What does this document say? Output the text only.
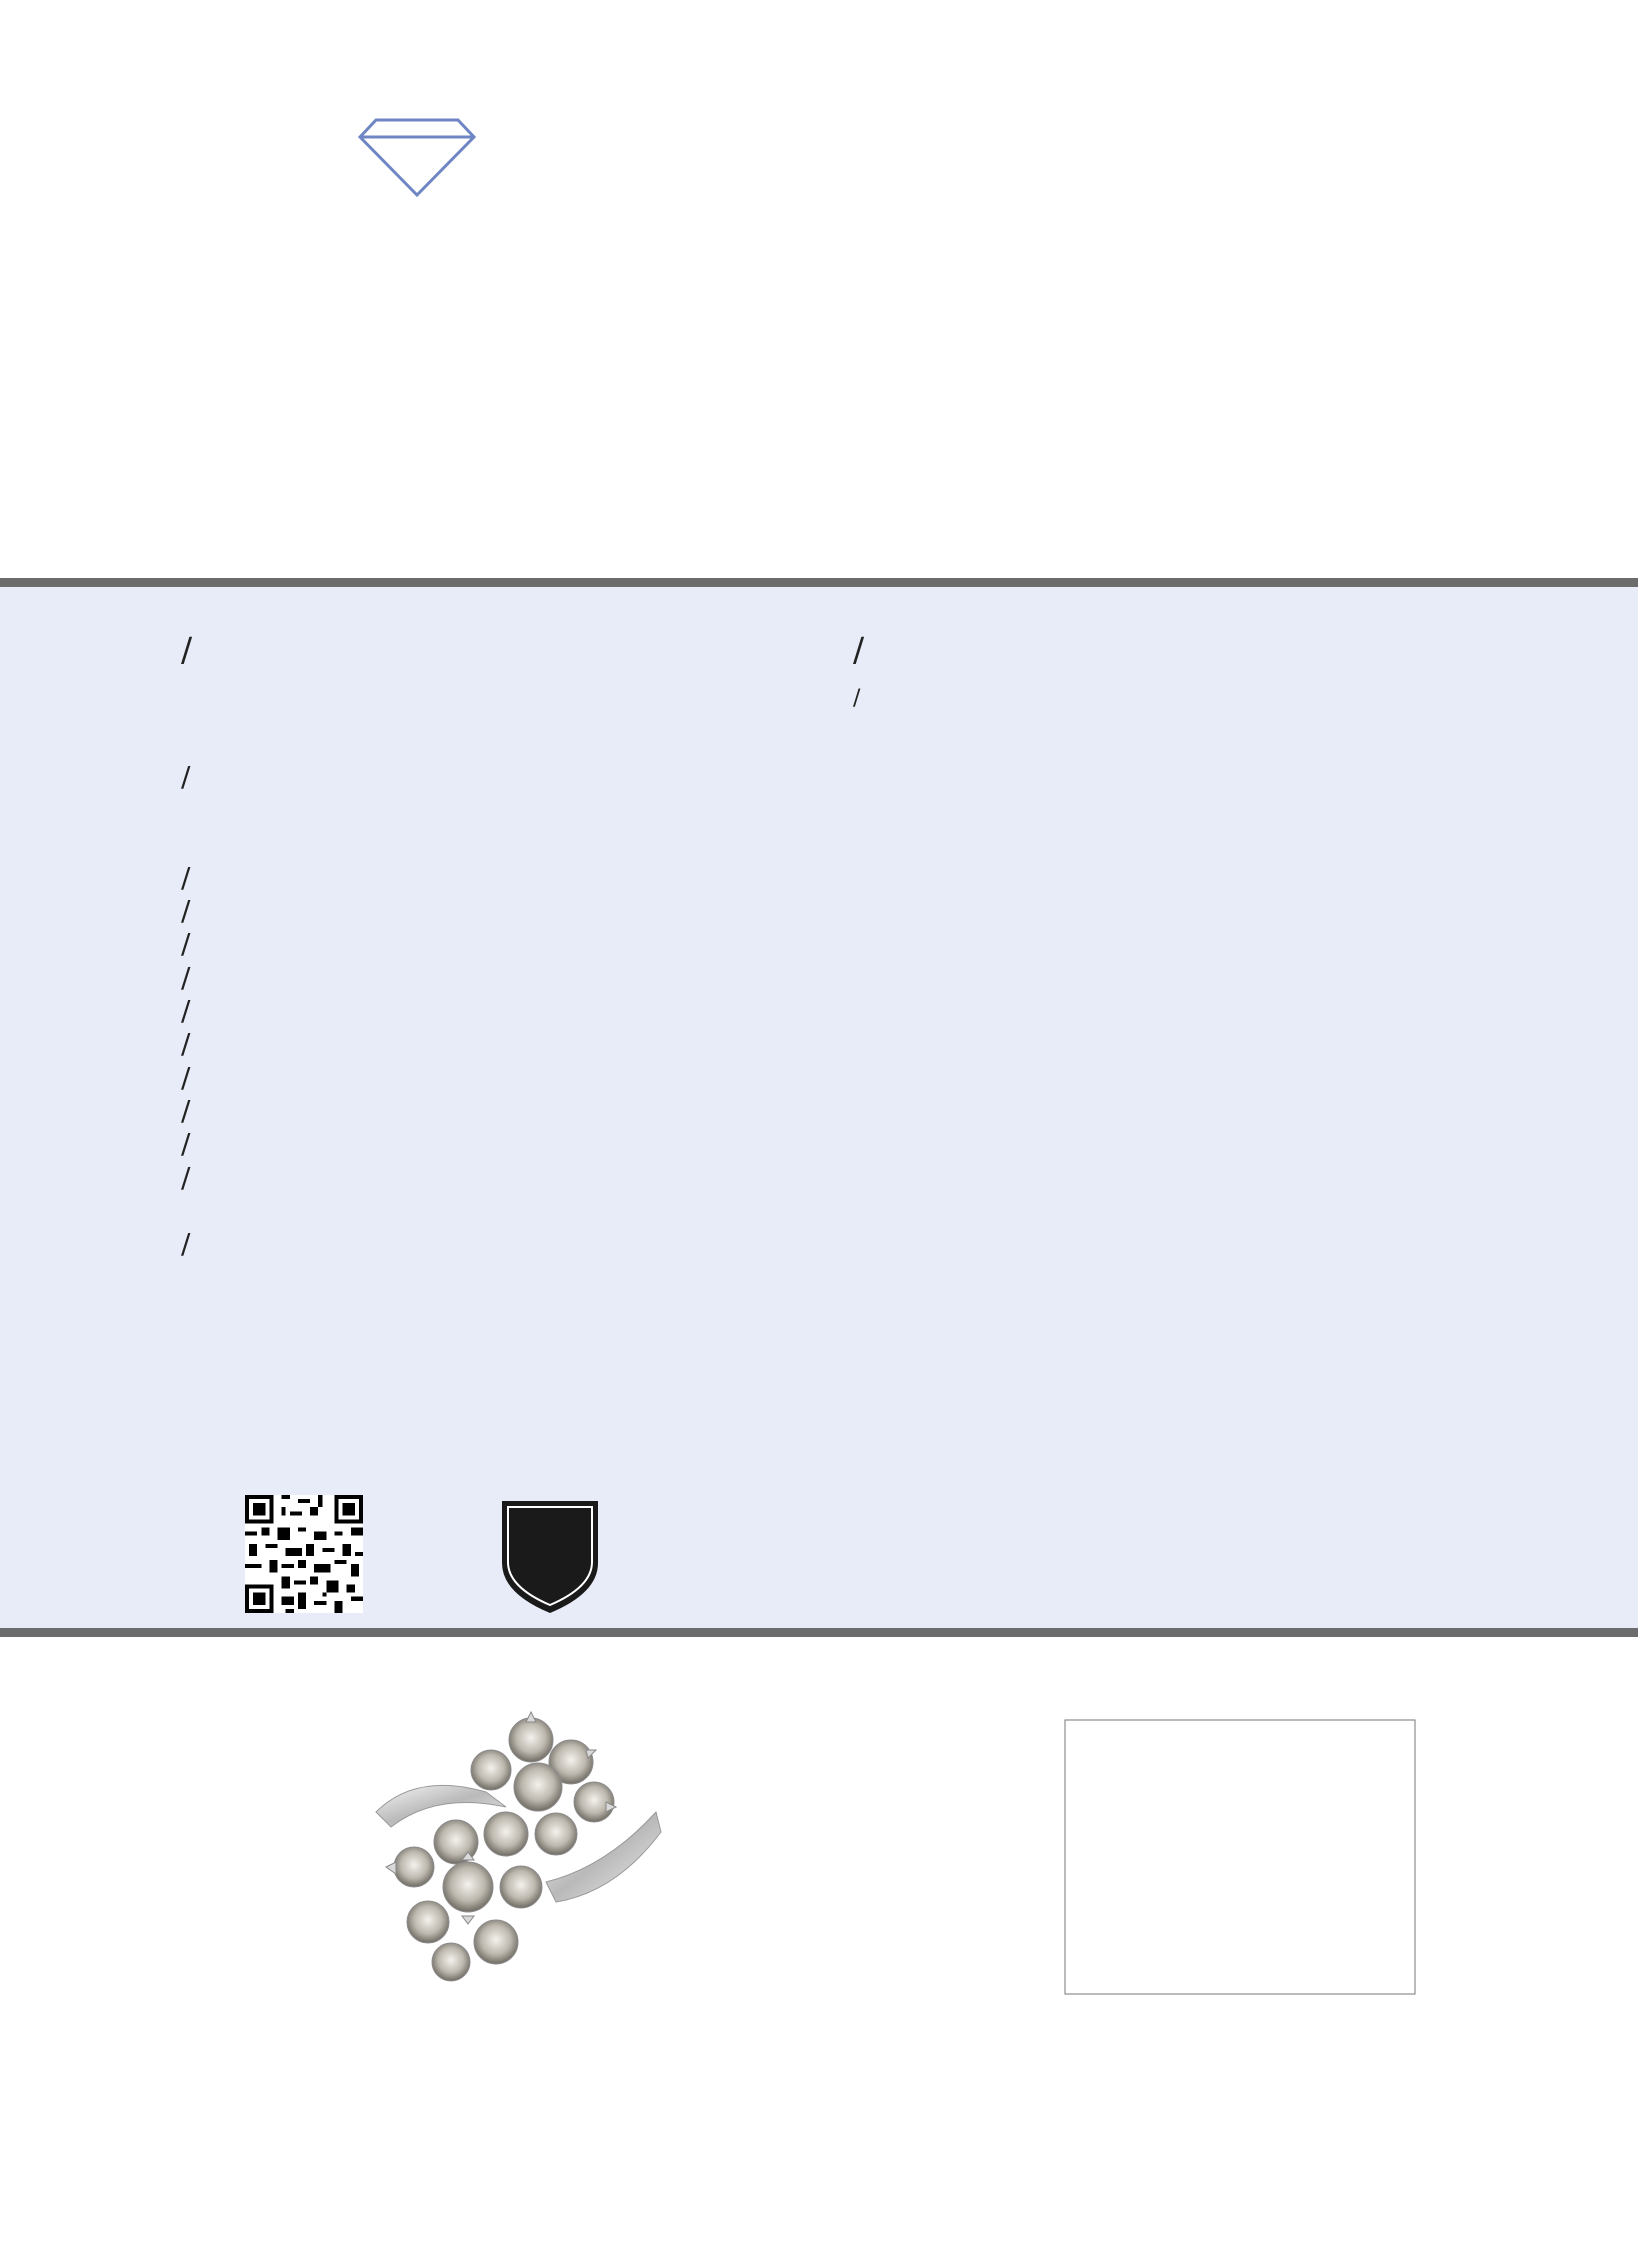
/	/
/
/
/
/
/
/
/
/
/
/
/
/
/
